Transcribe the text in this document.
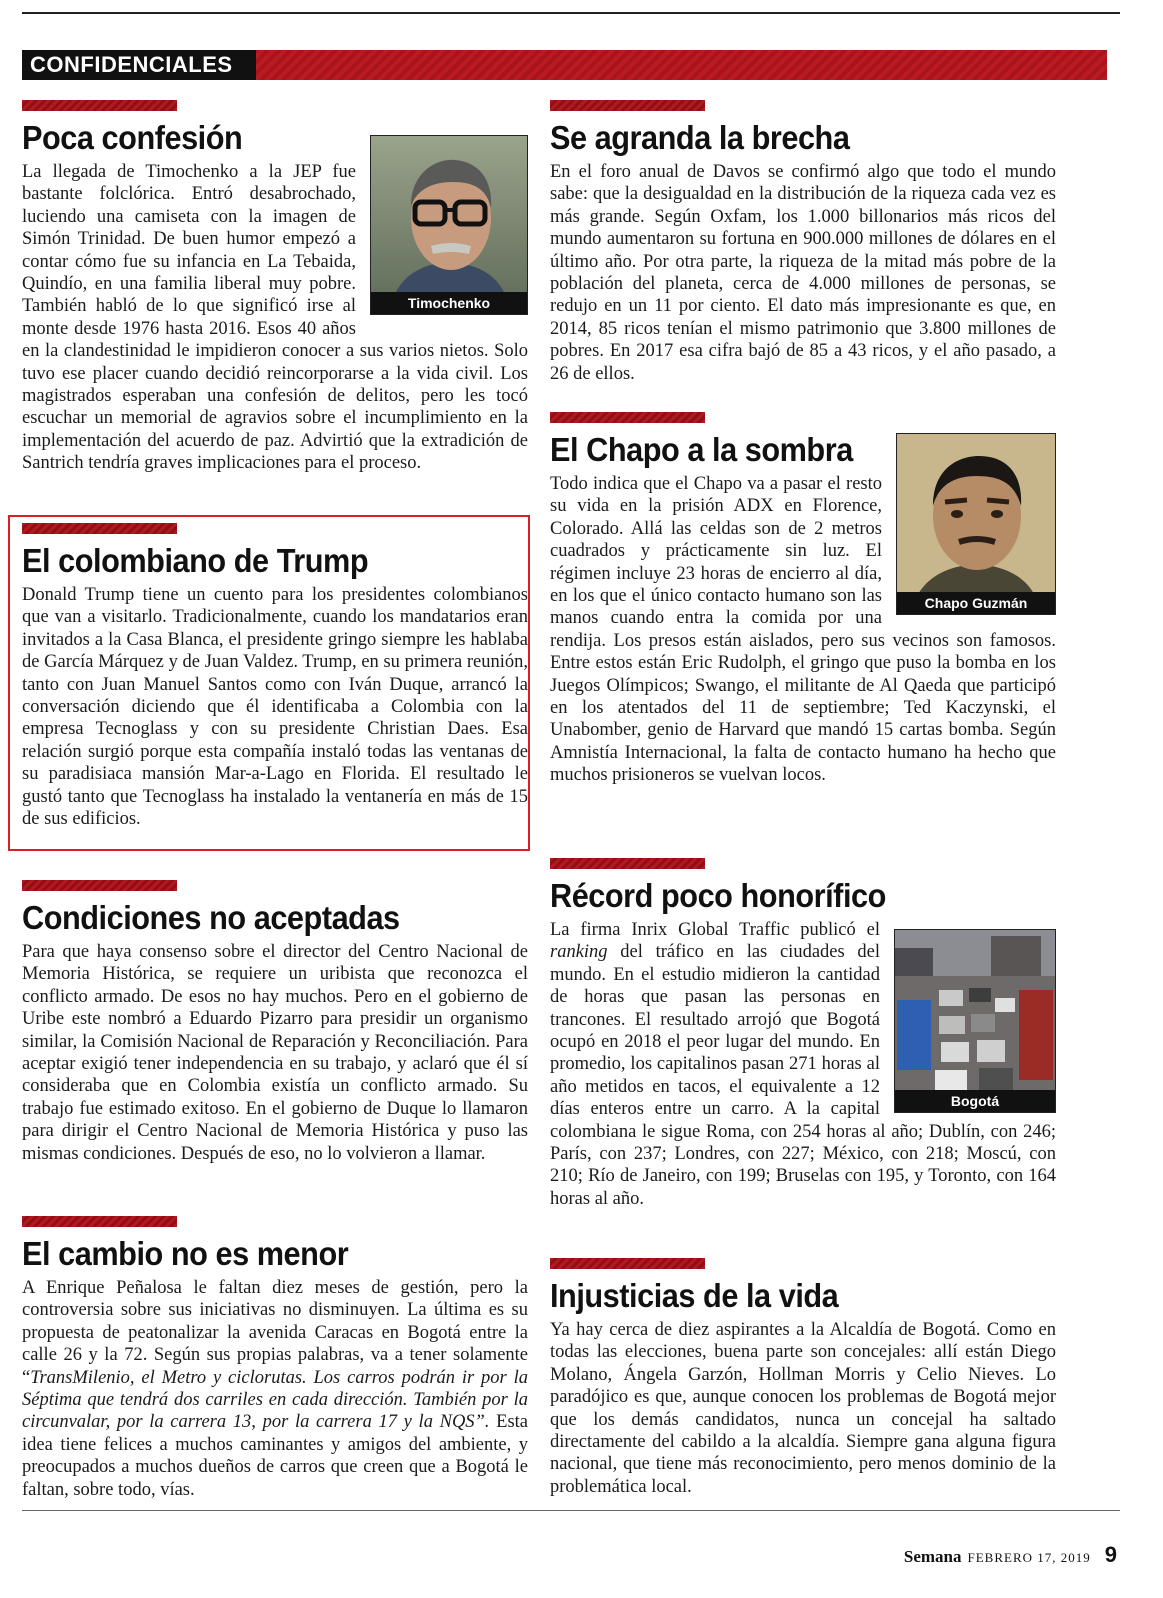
CONFIDENCIALES
Timochenko
Poca confesión

La llegada de Timochenko a la JEP fue bastante folclórica. Entró desabrochado, luciendo una camiseta con la imagen de Simón Trinidad. De buen humor empezó a contar cómo fue su infancia en La Tebaida, Quindío, en una familia liberal muy pobre. También habló de lo que significó irse al monte desde 1976 hasta 2016. Esos 40 años en la clandestinidad le impidieron conocer a sus varios nietos. Solo tuvo ese placer cuando decidió reincorporarse a la vida civil. Los magistrados esperaban una confesión de delitos, pero les tocó escuchar un memorial de agravios sobre el incumplimiento en la implementación del acuerdo de paz. Advirtió que la extradición de Santrich tendría graves implicaciones para el proceso.

El colombiano de Trump

Donald Trump tiene un cuento para los presidentes colombianos que van a visitarlo. Tradicionalmente, cuando los mandatarios eran invitados a la Casa Blanca, el presidente gringo siempre les hablaba de García Márquez y de Juan Valdez. Trump, en su primera reunión, tanto con Juan Manuel Santos como con Iván Duque, arrancó la conversación diciendo que él identificaba a Colombia con la empresa Tecnoglass y con su presidente Christian Daes. Esa relación surgió porque esta compañía instaló todas las ventanas de su paradisiaca mansión Mar-a-Lago en Florida. El resultado le gustó tanto que Tecnoglass ha instalado la ventanería en más de 15 de sus edificios.

Condiciones no aceptadas

Para que haya consenso sobre el director del Centro Nacional de Memoria Histórica, se requiere un uribista que reconozca el conflicto armado. De esos no hay muchos. Pero en el gobierno de Uribe este nombró a Eduardo Pizarro para presidir un organismo similar, la Comisión Nacional de Reparación y Reconciliación. Para aceptar exigió tener independencia en su trabajo, y aclaró que él sí consideraba que en Colombia existía un conflicto armado. Su trabajo fue estimado exitoso. En el gobierno de Duque lo llamaron para dirigir el Centro Nacional de Memoria Histórica y puso las mismas condiciones. Después de eso, no lo volvieron a llamar.

El cambio no es menor

A Enrique Peñalosa le faltan diez meses de gestión, pero la controversia sobre sus iniciativas no disminuyen. La última es su propuesta de peatonalizar la avenida Caracas en Bogotá entre la calle 26 y la 72. Según sus propias palabras, va a tener solamente “TransMilenio, el Metro y ciclorutas. Los carros podrán ir por la Séptima que tendrá dos carriles en cada dirección. También por la circunvalar, por la carrera 13, por la carrera 17 y la NQS”. Esta idea tiene felices a muchos caminantes y amigos del ambiente, y preocupados a muchos dueños de carros que creen que a Bogotá le faltan, sobre todo, vías.

Se agranda la brecha

En el foro anual de Davos se confirmó algo que todo el mundo sabe: que la desigualdad en la distribución de la riqueza cada vez es más grande. Según Oxfam, los 1.000 billonarios más ricos del mundo aumentaron su fortuna en 900.000 millones de dólares en el último año. Por otra parte, la riqueza de la mitad más pobre de la población del planeta, cerca de 4.000 millones de personas, se redujo en un 11 por ciento. El dato más impresionante es que, en 2014, 85 ricos tenían el mismo patrimonio que 3.800 millones de pobres. En 2017 esa cifra bajó de 85 a 43 ricos, y el año pasado, a 26 de ellos.

Chapo Guzmán
El Chapo a la sombra

Todo indica que el Chapo va a pasar el resto su vida en la prisión ADX en Florence, Colorado. Allá las celdas son de 2 metros cuadrados y prácticamente sin luz. El régimen incluye 23 horas de encierro al día, en los que el único contacto humano son las manos cuando entra la comida por una rendija. Los presos están aislados, pero sus vecinos son famosos. Entre estos están Eric Rudolph, el gringo que puso la bomba en los Juegos Olímpicos; Swango, el militante de Al Qaeda que participó en los atentados del 11 de septiembre; Ted Kaczynski, el Unabomber, genio de Harvard que mandó 15 cartas bomba. Según Amnistía Internacional, la falta de contacto humano ha hecho que muchos prisioneros se vuelvan locos.

Bogotá
Récord poco honorífico

La firma Inrix Global Traffic publicó el ranking del tráfico en las ciudades del mundo. En el estudio midieron la cantidad de horas que pasan las personas en trancones. El resultado arrojó que Bogotá ocupó en 2018 el peor lugar del mundo. En promedio, los capitalinos pasan 271 horas al año metidos en tacos, el equivalente a 12 días enteros entre un carro. A la capital colombiana le sigue Roma, con 254 horas al año; Dublín, con 246; París, con 237; Londres, con 227; México, con 218; Moscú, con 210; Río de Janeiro, con 199; Bruselas con 195, y Toronto, con 164 horas al año.

Injusticias de la vida

Ya hay cerca de diez aspirantes a la Alcaldía de Bogotá. Como en todas las elecciones, buena parte son concejales: allí están Diego Molano, Ángela Garzón, Hollman Morris y Celio Nieves. Lo paradójico es que, aunque conocen los problemas de Bogotá mejor que los demás candidatos, nunca un concejal ha saltado directamente del cabildo a la alcaldía. Siempre gana alguna figura nacional, que tiene más reconocimiento, pero menos dominio de la problemática local.

Semana FEBRERO 17, 2019 9
